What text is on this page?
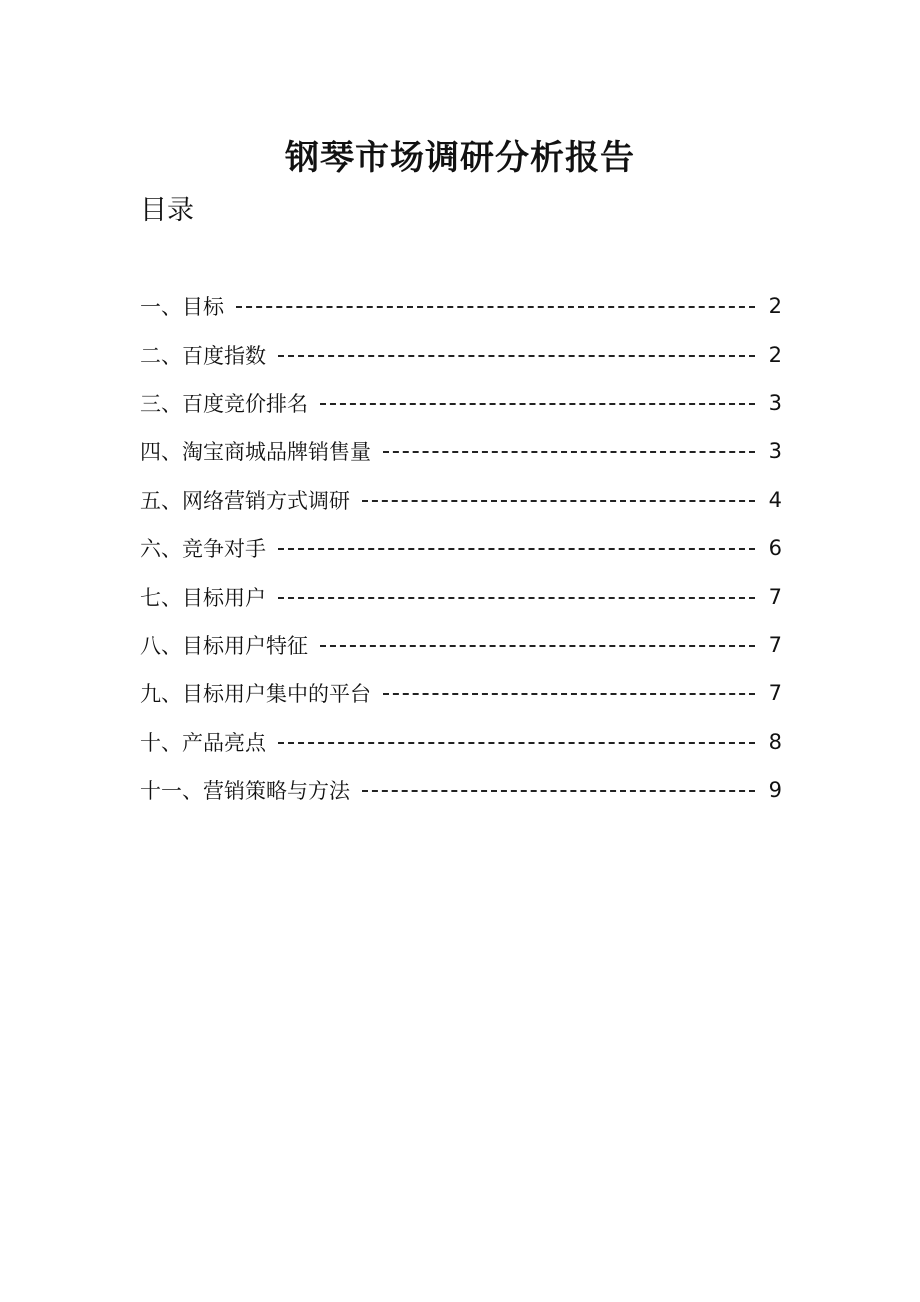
钢琴市场调研分析报告
目录
一、目标	2
二、百度指数	2
三、百度竞价排名	3
四、淘宝商城品牌销售量	3
五、网络营销方式调研	4
六、竞争对手	6
七、目标用户	7
八、目标用户特征	7
九、目标用户集中的平台	7
十、产品亮点	8
十一、营销策略与方法	9
